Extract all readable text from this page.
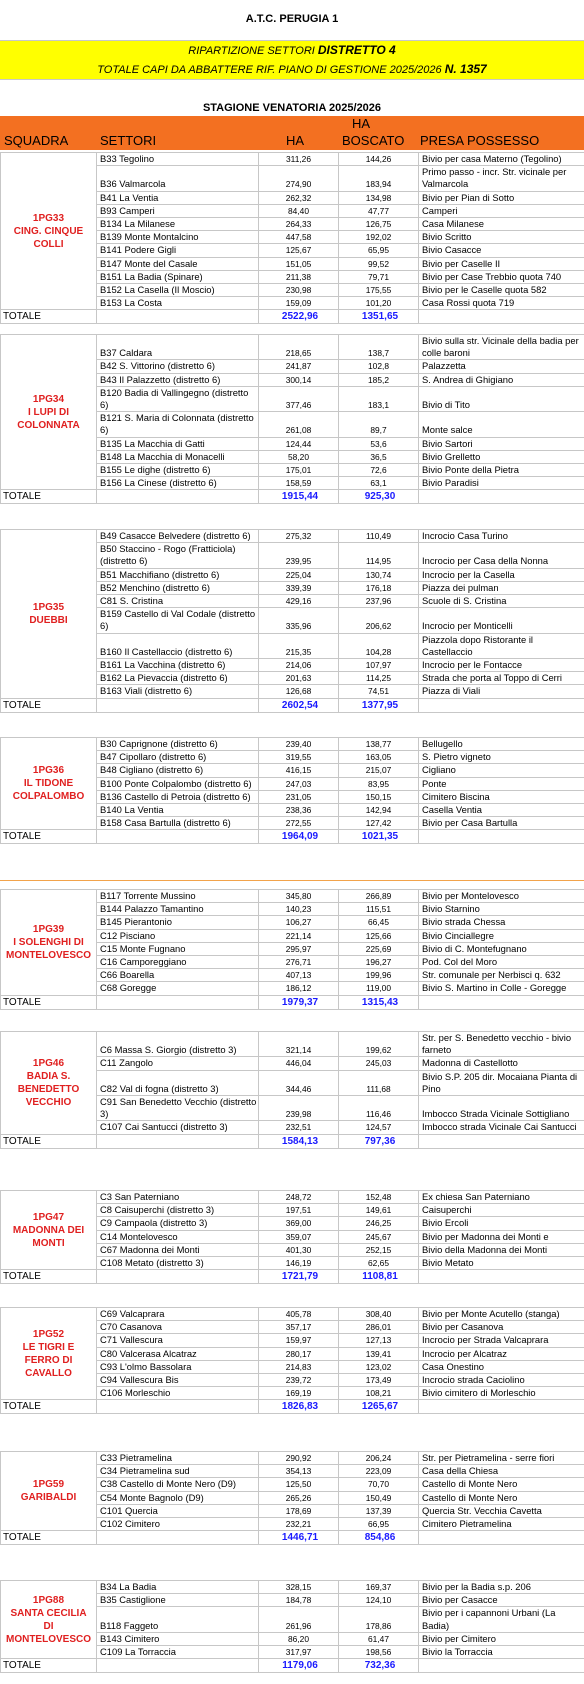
A.T.C. PERUGIA 1
RIPARTIZIONE SETTORI DISTRETTO 4
TOTALE CAPI DA ABBATTERE RIF. PIANO DI GESTIONE 2025/2026 N. 1357
STAGIONE VENATORIA 2025/2026
SQUADRA SETTORI	HA
HA
BOSCATO PRESA POSSESSO
1PG33
CING. CINQUE COLLI	B33 Tegolino	311,26	144,26	Bivio per casa Materno (Tegolino)
	B36 Valmarcola	274,90	183,94	Primo passo - incr. Str. vicinale per Valmarcola
	B41 La Ventia	262,32	134,98	Bivio per Pian di Sotto
	B93 Camperi	84,40	47,77	Camperi
	B134 La Milanese	264,33	126,75	Casa Milanese
	B139 Monte Montalcino	447,58	192,02	Bivio Scritto
	B141 Podere Gigli	125,67	65,95	Bivio Casacce
	B147 Monte del Casale	151,05	99,52	Bivio per Caselle II
	B151 La Badia (Spinare)	211,38	79,71	Bivio per Case Trebbio quota 740
	B152 La Casella (Il Moscio)	230,98	175,55	Bivio per le Caselle quota 582
	B153 La Costa	159,09	101,20	Casa Rossi quota 719
TOTALE		2522,96	1351,65	
1PG34
I LUPI DI COLONNATA	B37 Caldara	218,65	138,7	Bivio sulla str. Vicinale della badia per colle baroni
	B42 S. Vittorino (distretto 6)	241,87	102,8	Palazzetta
	B43 Il Palazzetto (distretto 6)	300,14	185,2	S. Andrea di Ghigiano
	B120 Badia di Vallingegno (distretto 6)	377,46	183,1	Bivio di Tito
	B121 S. Maria di Colonnata (distretto 6)	261,08	89,7	Monte salce
	B135 La Macchia di Gatti	124,44	53,6	Bivio Sartori
	B148 La Macchia di Monacelli	58,20	36,5	Bivio Grelletto
	B155 Le dighe (distretto 6)	175,01	72,6	Bivio Ponte della Pietra
	B156 La Cinese (distretto 6)	158,59	63,1	Bivio Paradisi
TOTALE		1915,44	925,30	
1PG35
DUEBBI	B49 Casacce Belvedere (distretto 6)	275,32	110,49	Incrocio Casa Turino
	B50 Staccino - Rogo (Fratticiola) (distretto 6)	239,95	114,95	Incrocio per Casa della Nonna
	B51 Macchifiano (distretto 6)	225,04	130,74	Incrocio per la Casella
	B52 Menchino (distretto 6)	339,39	176,18	Piazza dei pulman
	C81 S. Cristina	429,16	237,96	Scuole di S. Cristina
	B159 Castello di Val Codale (distretto 6)	335,96	206,62	Incrocio per Monticelli
	B160 Il Castellaccio (distretto 6)	215,35	104,28	Piazzola dopo Ristorante il Castellaccio
	B161 La Vacchina (distretto 6)	214,06	107,97	Incrocio per le Fontacce
	B162 La Pievaccia (distretto 6)	201,63	114,25	Strada che porta al Toppo di Cerri
	B163 Viali (distretto 6)	126,68	74,51	Piazza di Viali
TOTALE		2602,54	1377,95	
1PG36
IL TIDONE COLPALOMBO	B30 Caprignone (distretto 6)	239,40	138,77	Bellugello
	B47 Cipollaro (distretto 6)	319,55	163,05	S. Pietro vigneto
	B48 Cigliano (distretto 6)	416,15	215,07	Cigliano
	B100 Ponte Colpalombo (distretto 6)	247,03	83,95	Ponte
	B136 Castello di Petroia (distretto 6)	231,05	150,15	Cimitero Biscina
	B140 La Ventia	238,36	142,94	Casella Ventia
	B158 Casa Bartulla (distretto 6)	272,55	127,42	Bivio per Casa Bartulla
TOTALE		1964,09	1021,35	
1PG39
I SOLENGHI DI MONTELOVESCO	B117 Torrente Mussino	345,80	266,89	Bivio per Montelovesco
	B144 Palazzo Tamantino	140,23	115,51	Bivio Starnino
	B145 Pierantonio	106,27	66,45	Bivio strada Chessa
	C12 Pisciano	221,14	125,66	Bivio Cinciallegre
	C15 Monte Fugnano	295,97	225,69	Bivio di C. Montefugnano
	C16 Camporeggiano	276,71	196,27	Pod. Col del Moro
	C66 Boarella	407,13	199,96	Str. comunale per Nerbisci q. 632
	C68 Goregge	186,12	119,00	Bivio S. Martino in Colle - Goregge
TOTALE		1979,37	1315,43	
1PG46
BADIA S. BENEDETTO VECCHIO	C6 Massa S. Giorgio (distretto 3)	321,14	199,62	Str. per S. Benedetto vecchio - bivio farneto
	C11 Zangolo	446,04	245,03	Madonna di Castellotto
	C82 Val di fogna (distretto 3)	344,46	111,68	Bivio S.P. 205 dir. Mocaiana Pianta di Pino
	C91 San Benedetto Vecchio (distretto 3)	239,98	116,46	Imbocco Strada Vicinale Sottigliano
	C107 Cai Santucci (distretto 3)	232,51	124,57	Imbocco strada Vicinale Cai Santucci
TOTALE		1584,13	797,36	
1PG47
MADONNA DEI MONTI	C3 San Paterniano	248,72	152,48	Ex chiesa San Paterniano
	C8 Caisuperchi (distretto 3)	197,51	149,61	Caisuperchi
	C9 Campaola (distretto 3)	369,00	246,25	Bivio Ercoli
	C14 Montelovesco	359,07	245,67	Bivio per Madonna dei Monti e
	C67 Madonna dei Monti	401,30	252,15	Bivio della Madonna dei Monti
	C108 Metato (distretto 3)	146,19	62,65	Bivio Metato
TOTALE		1721,79	1108,81	
1PG52
LE TIGRI E FERRO DI CAVALLO	C69 Valcaprara	405,78	308,40	Bivio per Monte Acutello (stanga)
	C70 Casanova	357,17	286,01	Bivio per Casanova
	C71 Vallescura	159,97	127,13	Incrocio per Strada Valcaprara
	C80 Valcerasa Alcatraz	280,17	139,41	Incrocio per Alcatraz
	C93 L'olmo Bassolara	214,83	123,02	Casa Onestino
	C94 Vallescura Bis	239,72	173,49	Incrocio strada Caciolino
	C106 Morleschio	169,19	108,21	Bivio cimitero di Morleschio
TOTALE		1826,83	1265,67	
1PG59
GARIBALDI	C33 Pietramelina	290,92	206,24	Str. per Pietramelina - serre fiori
	C34 Pietramelina sud	354,13	223,09	Casa della Chiesa
	C38 Castello di Monte Nero (D9)	125,50	70,70	Castello di Monte Nero
	C54 Monte Bagnolo (D9)	265,26	150,49	Castello di Monte Nero
	C101 Quercia	178,69	137,39	Quercia Str. Vecchia Cavetta
	C102 Cimitero	232,21	66,95	Cimitero Pietramelina
TOTALE		1446,71	854,86	
1PG88
SANTA CECILIA DI MONTELOVESCO	B34 La Badia	328,15	169,37	Bivio per la Badia s.p. 206
	B35 Castiglione	184,78	124,10	Bivio per Casacce
	B118 Faggeto	261,96	178,86	Bivio per i capannoni Urbani (La Badia)
	B143 Cimitero	86,20	61,47	Bivio per Cimitero
	C109 La Torraccia	317,97	198,56	Bivio la Torraccia
TOTALE		1179,06	732,36	
